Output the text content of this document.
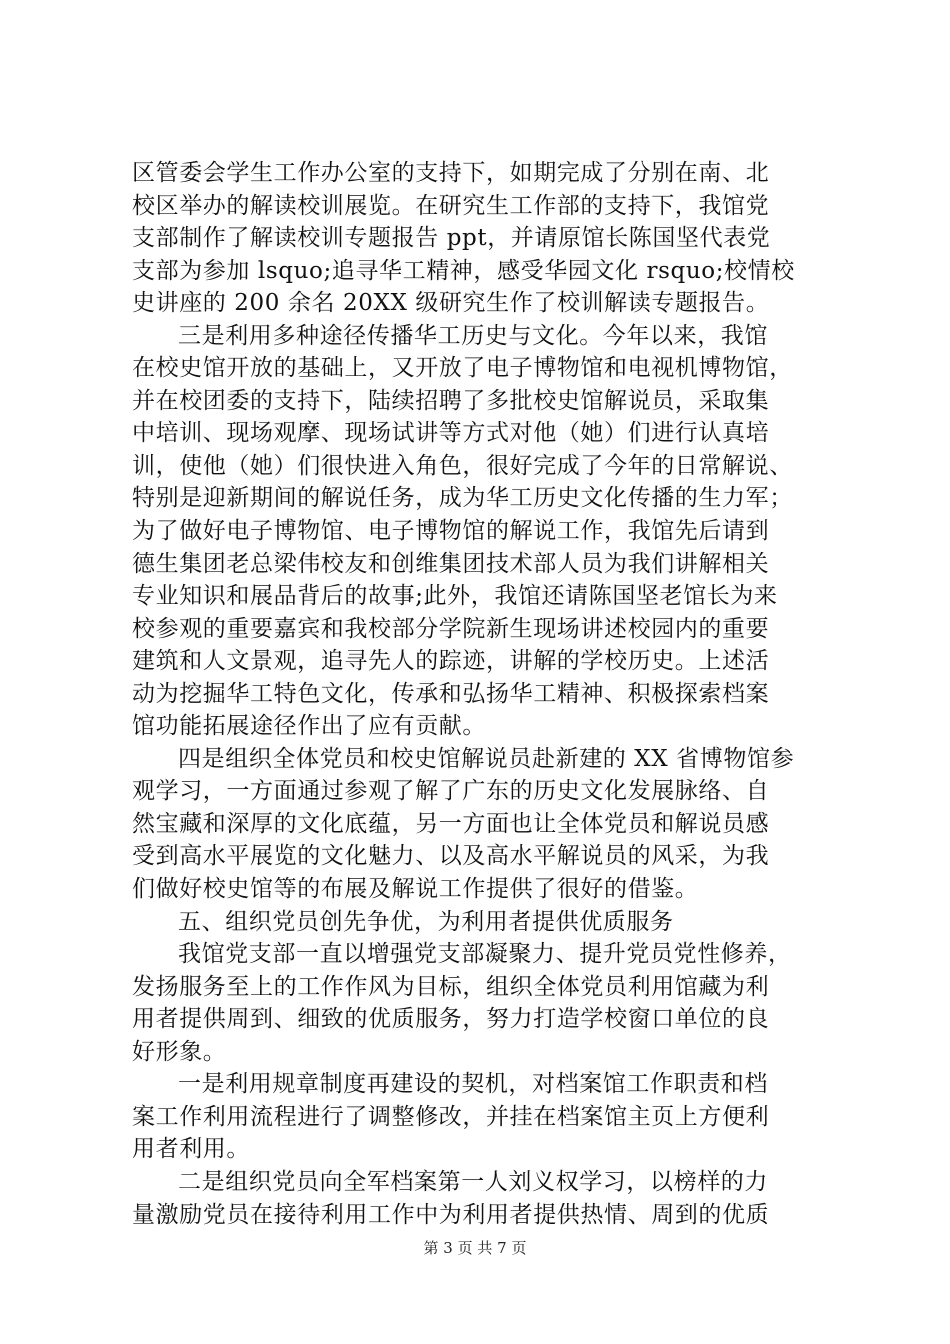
区管委会学生工作办公室的支持下，如期完成了分别在南、北
校区举办的解读校训展览。在研究生工作部的支持下，我馆党
支部制作了解读校训专题报告 ppt，并请原馆长陈国坚代表党
支部为参加 lsquo;追寻华工精神，感受华园文化 rsquo;校情校
史讲座的 200 余名 20XX 级研究生作了校训解读专题报告。
三是利用多种途径传播华工历史与文化。今年以来，我馆
在校史馆开放的基础上，又开放了电子博物馆和电视机博物馆，
并在校团委的支持下，陆续招聘了多批校史馆解说员，采取集
中培训、现场观摩、现场试讲等方式对他（她）们进行认真培
训，使他（她）们很快进入角色，很好完成了今年的日常解说、
特别是迎新期间的解说任务，成为华工历史文化传播的生力军；
为了做好电子博物馆、电子博物馆的解说工作，我馆先后请到
德生集团老总梁伟校友和创维集团技术部人员为我们讲解相关
专业知识和展品背后的故事;此外，我馆还请陈国坚老馆长为来
校参观的重要嘉宾和我校部分学院新生现场讲述校园内的重要
建筑和人文景观，追寻先人的踪迹，讲解的学校历史。上述活
动为挖掘华工特色文化，传承和弘扬华工精神、积极探索档案
馆功能拓展途径作出了应有贡献。
四是组织全体党员和校史馆解说员赴新建的 XX 省博物馆参
观学习，一方面通过参观了解了广东的历史文化发展脉络、自
然宝藏和深厚的文化底蕴，另一方面也让全体党员和解说员感
受到高水平展览的文化魅力、以及高水平解说员的风采，为我
们做好校史馆等的布展及解说工作提供了很好的借鉴。
五、组织党员创先争优，为利用者提供优质服务
我馆党支部一直以增强党支部凝聚力、提升党员党性修养，
发扬服务至上的工作作风为目标，组织全体党员利用馆藏为利
用者提供周到、细致的优质服务，努力打造学校窗口单位的良
好形象。
一是利用规章制度再建设的契机，对档案馆工作职责和档
案工作利用流程进行了调整修改，并挂在档案馆主页上方便利
用者利用。
二是组织党员向全军档案第一人刘义权学习，以榜样的力
量激励党员在接待利用工作中为利用者提供热情、周到的优质
第 3 页 共 7 页
